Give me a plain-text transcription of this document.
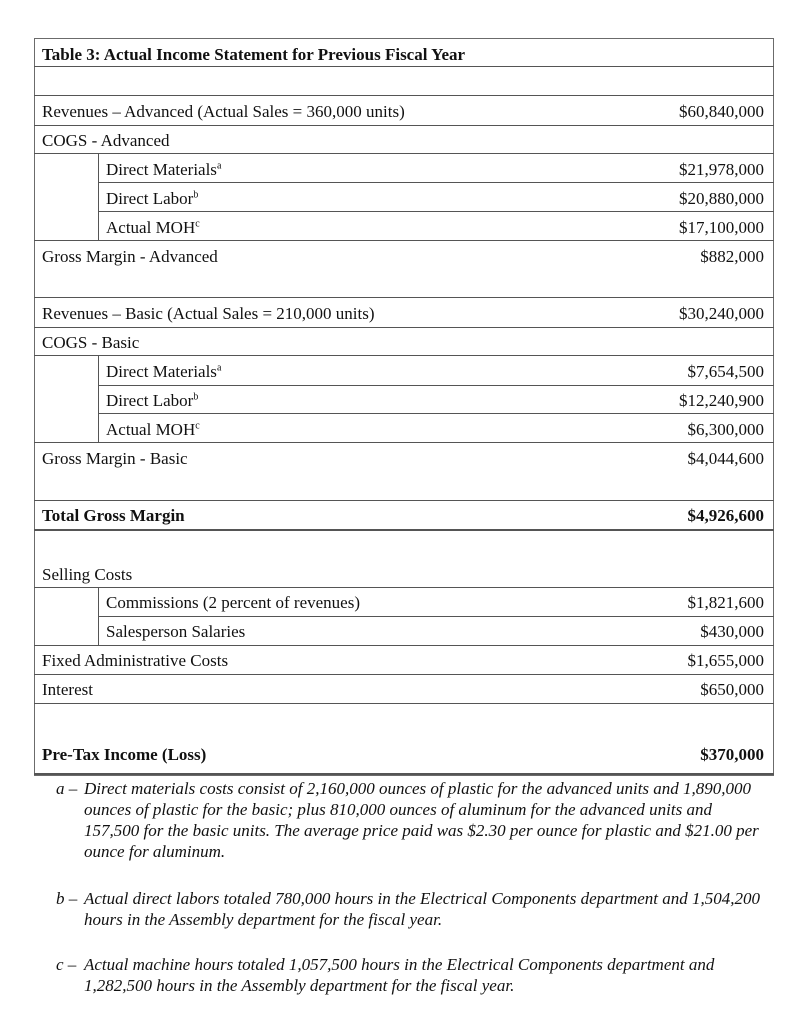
Table 3: Actual Income Statement for Previous Fiscal Year
Revenues – Advanced (Actual Sales = 360,000 units)	$60,840,000
COGS - Advanced
Direct Materials$^a$	$21,978,000
Direct Labor$^b$	$20,880,000
Actual MOH$^c$	$17,100,000
Gross Margin - Advanced	$882,000
Revenues – Basic (Actual Sales = 210,000 units)	$30,240,000
COGS - Basic
Direct Materials$^a$	$7,654,500
Direct Labor$^b$	$12,240,900
Actual MOH$^c$	$6,300,000
Gross Margin - Basic	$4,044,600
Total Gross Margin	$4,926,600
Selling Costs
Commissions (2 percent of revenues)	$1,821,600
Salesperson Salaries	$430,000
Fixed Administrative Costs	$1,655,000
Interest	$650,000
Pre-Tax Income (Loss)	$370,000
a – Direct materials costs consist of 2,160,000 ounces of plastic for the advanced units and 1,890,000 ounces of plastic for the basic; plus 810,000 ounces of aluminum for the advanced units and 157,500 for the basic units. The average price paid was $2.30 per ounce for plastic and $21.00 per ounce for aluminum.
b – Actual direct labors totaled 780,000 hours in the Electrical Components department and 1,504,200 hours in the Assembly department for the fiscal year.
c – Actual machine hours totaled 1,057,500 hours in the Electrical Components department and 1,282,500 hours in the Assembly department for the fiscal year.
